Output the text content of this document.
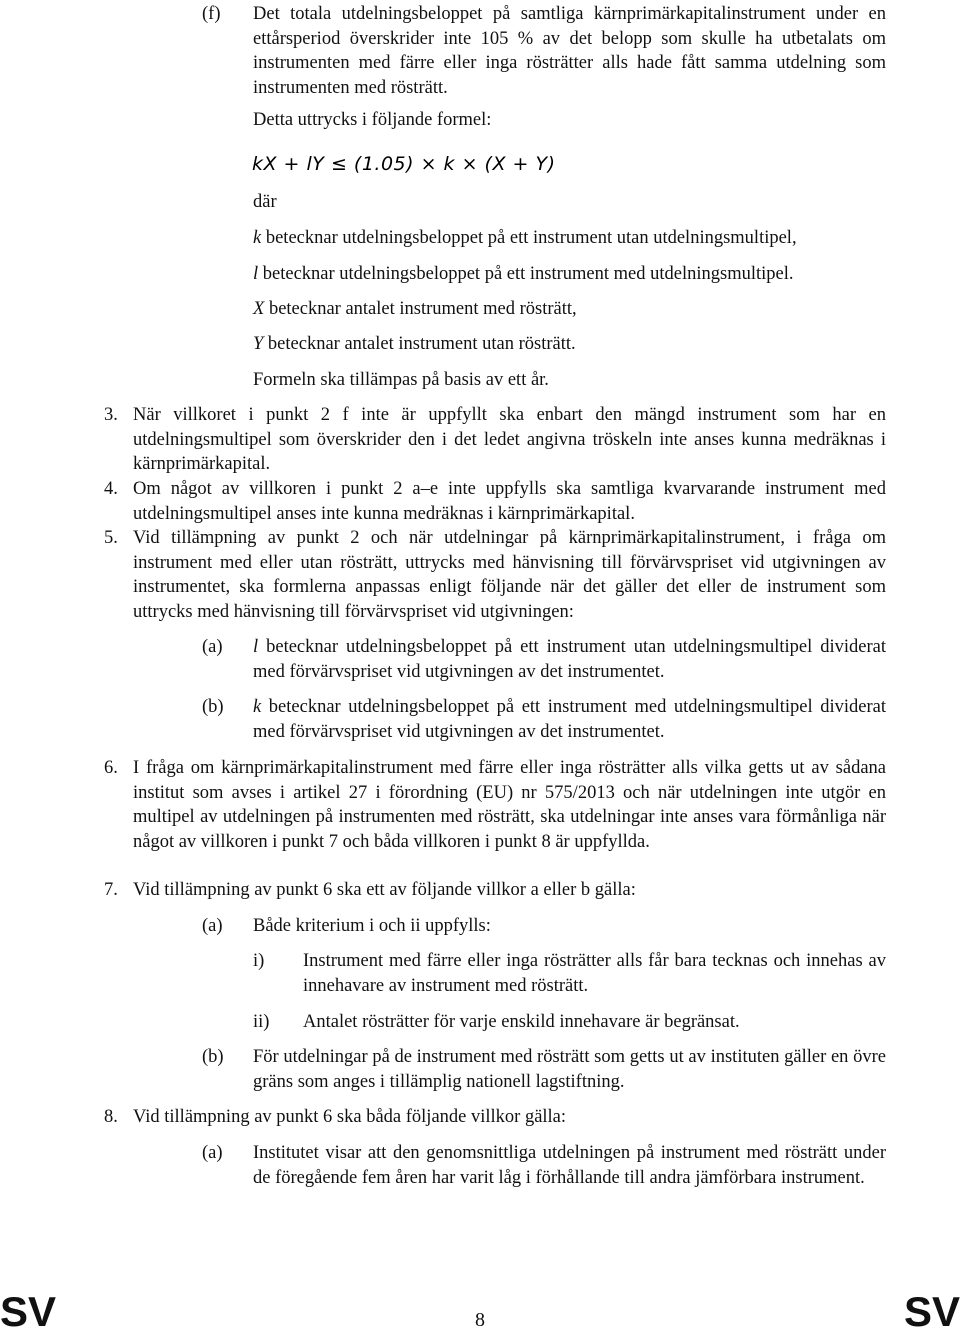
(f) Det totala utdelningsbeloppet på samtliga kärnprimärkapitalinstrument under en ettårsperiod överskrider inte 105 % av det belopp som skulle ha utbetalats om instrumenten med färre eller inga rösträtter alls hade fått samma utdelning som instrumenten med rösträtt.
Detta uttrycks i följande formel:
kX + lY ≤ (1.05) × k × (X + Y)
där
k betecknar utdelningsbeloppet på ett instrument utan utdelningsmultipel,
l betecknar utdelningsbeloppet på ett instrument med utdelningsmultipel.
X betecknar antalet instrument med rösträtt,
Y betecknar antalet instrument utan rösträtt.
Formeln ska tillämpas på basis av ett år.
3. När villkoret i punkt 2 f inte är uppfyllt ska enbart den mängd instrument som har en utdelningsmultipel som överskrider den i det ledet angivna tröskeln inte anses kunna medräknas i kärnprimärkapital.
4. Om något av villkoren i punkt 2 a–e inte uppfylls ska samtliga kvarvarande instrument med utdelningsmultipel anses inte kunna medräknas i kärnprimärkapital.
5. Vid tillämpning av punkt 2 och när utdelningar på kärnprimärkapitalinstrument, i fråga om instrument med eller utan rösträtt, uttrycks med hänvisning till förvärvspriset vid utgivningen av instrumentet, ska formlerna anpassas enligt följande när det gäller det eller de instrument som uttrycks med hänvisning till förvärvspriset vid utgivningen:
(a) l betecknar utdelningsbeloppet på ett instrument utan utdelningsmultipel dividerat med förvärvspriset vid utgivningen av det instrumentet.
(b) k betecknar utdelningsbeloppet på ett instrument med utdelningsmultipel dividerat med förvärvspriset vid utgivningen av det instrumentet.
6. I fråga om kärnprimärkapitalinstrument med färre eller inga rösträtter alls vilka getts ut av sådana institut som avses i artikel 27 i förordning (EU) nr 575/2013 och när utdelningen inte utgör en multipel av utdelningen på instrumenten med rösträtt, ska utdelningar inte anses vara förmånliga när något av villkoren i punkt 7 och båda villkoren i punkt 8 är uppfyllda.
7. Vid tillämpning av punkt 6 ska ett av följande villkor a eller b gälla:
(a) Både kriterium i och ii uppfylls:
i) Instrument med färre eller inga rösträtter alls får bara tecknas och innehas av innehavare av instrument med rösträtt.
ii) Antalet rösträtter för varje enskild innehavare är begränsat.
(b) För utdelningar på de instrument med rösträtt som getts ut av instituten gäller en övre gräns som anges i tillämplig nationell lagstiftning.
8. Vid tillämpning av punkt 6 ska båda följande villkor gälla:
(a) Institutet visar att den genomsnittliga utdelningen på instrument med rösträtt under de föregående fem åren har varit låg i förhållande till andra jämförbara instrument.
SV	8	SV
